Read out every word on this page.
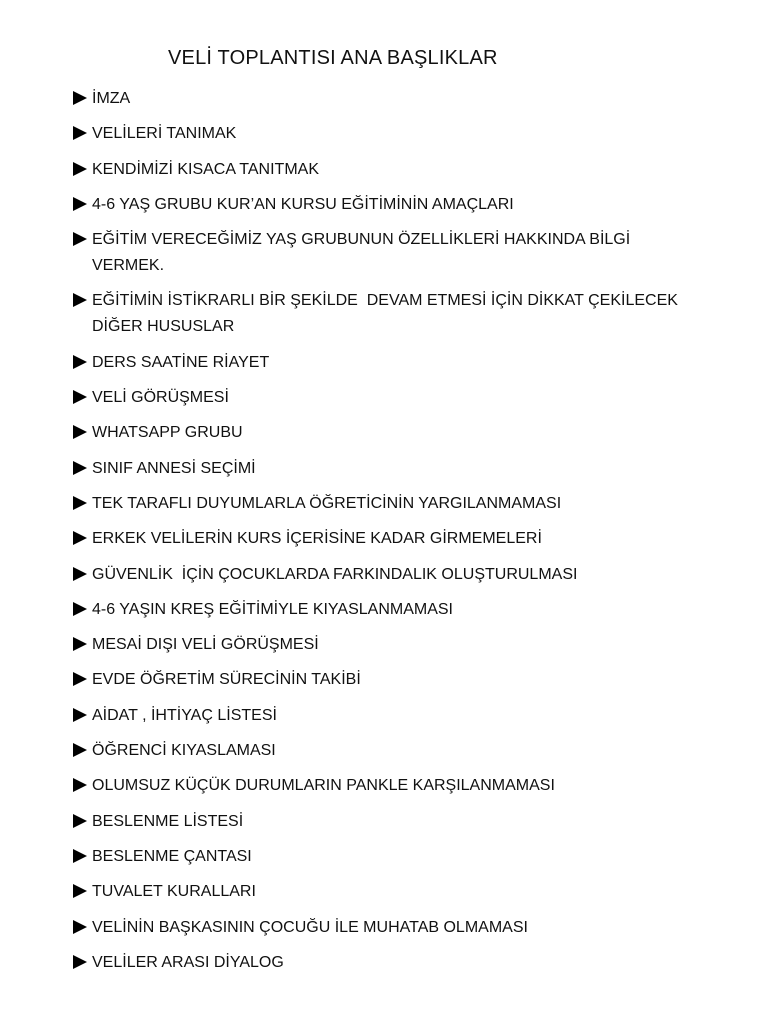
VELİ TOPLANTISI ANA BAŞLIKLAR
İMZA
VELİLERİ TANIMAK
KENDİMİZİ KISACA TANITMAK
4-6 YAŞ GRUBU KUR’AN KURSU EĞİTİMİNİN AMAÇLARI
EĞİTİM VERECEĞİMİZ YAŞ GRUBUNUN ÖZELLİKLERİ HAKKINDA BİLGİ
VERMEK.
EĞİTİMİN İSTİKRARLI BİR ŞEKİLDE  DEVAM ETMESİ İÇİN DİKKAT ÇEKİLECEK
DİĞER HUSUSLAR
DERS SAATİNE RİAYET
VELİ GÖRÜŞMESİ
WHATSAPP GRUBU
SINIF ANNESİ SEÇİMİ
TEK TARAFLI DUYUMLARLA ÖĞRETİCİNİN YARGILANMAMASI
ERKEK VELİLERİN KURS İÇERİSİNE KADAR GİRMEMELERİ
GÜVENLİK  İÇİN ÇOCUKLARDA FARKINDALIK OLUŞTURULMASI
4-6 YAŞIN KREŞ EĞİTİMİYLE KIYASLANMAMASI
MESAİ DIŞI VELİ GÖRÜŞMESİ
EVDE ÖĞRETİM SÜRECİNİN TAKİBİ
AİDAT , İHTİYAÇ LİSTESİ
ÖĞRENCİ KIYASLAMASI
OLUMSUZ KÜÇÜK DURUMLARIN PANKLE KARŞILANMAMASI
BESLENME LİSTESİ
BESLENME ÇANTASI
TUVALET KURALLARI
VELİNİN BAŞKASININ ÇOCUĞU İLE MUHATAB OLMAMASI
VELİLER ARASI DİYALOG
